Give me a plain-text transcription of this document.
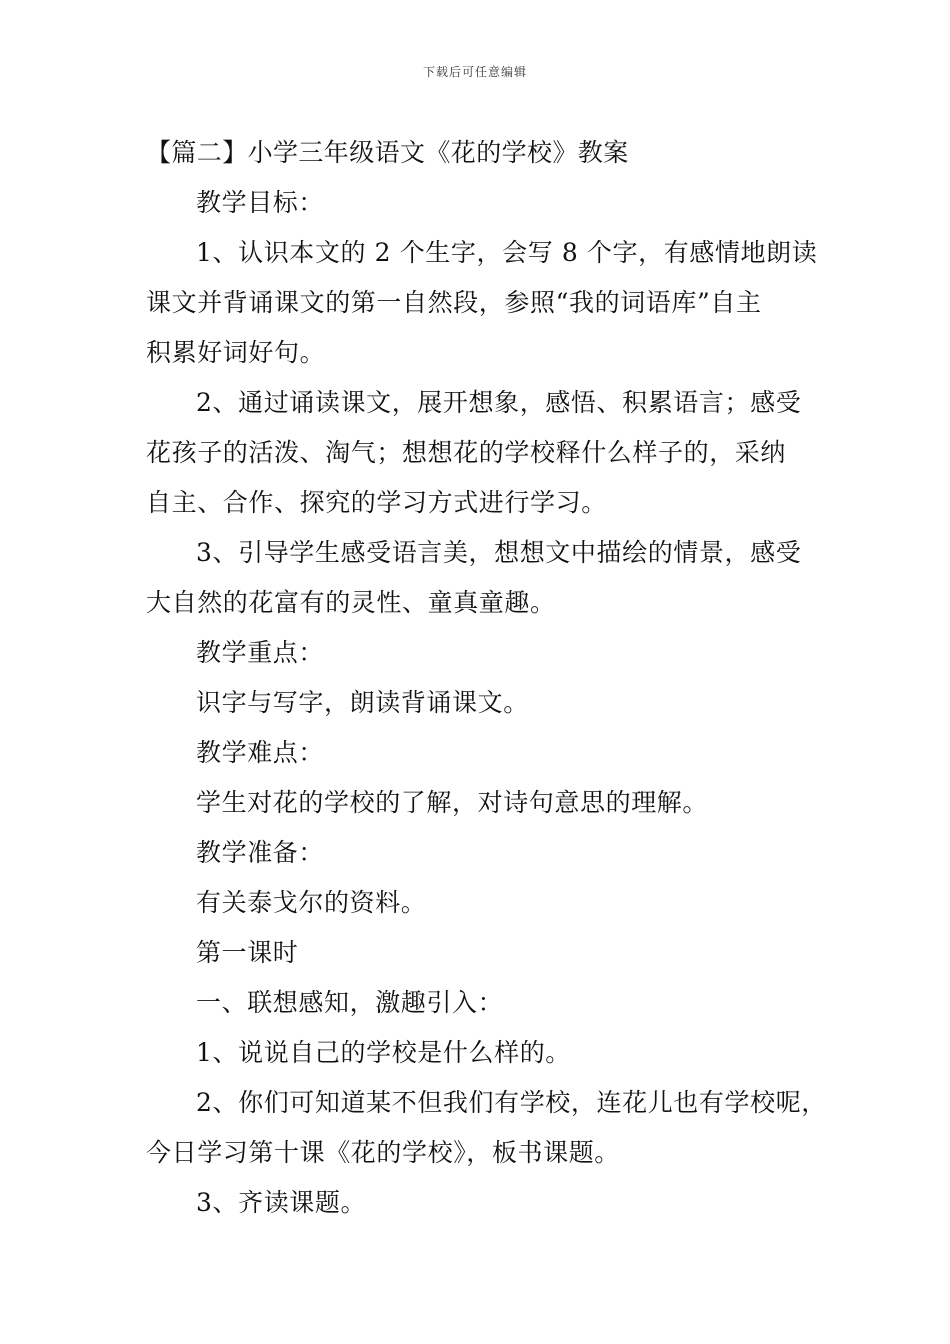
下载后可任意编辑
【篇二】小学三年级语文《花的学校》教案
教学目标：
1、认识本文的 2 个生字，会写 8 个字，有感情地朗读
课文并背诵课文的第一自然段，参照“我的词语库”自主
积累好词好句。
2、通过诵读课文，展开想象，感悟、积累语言；感受
花孩子的活泼、淘气；想想花的学校释什么样子的，采纳
自主、合作、探究的学习方式进行学习。
3、引导学生感受语言美，想想文中描绘的情景，感受
大自然的花富有的灵性、童真童趣。
教学重点：
识字与写字，朗读背诵课文。
教学难点：
学生对花的学校的了解，对诗句意思的理解。
教学准备：
有关泰戈尔的资料。
第一课时
一、联想感知，激趣引入：
1、说说自己的学校是什么样的。
2、你们可知道某不但我们有学校，连花儿也有学校呢，
今日学习第十课《花的学校》，板书课题。
3、齐读课题。
